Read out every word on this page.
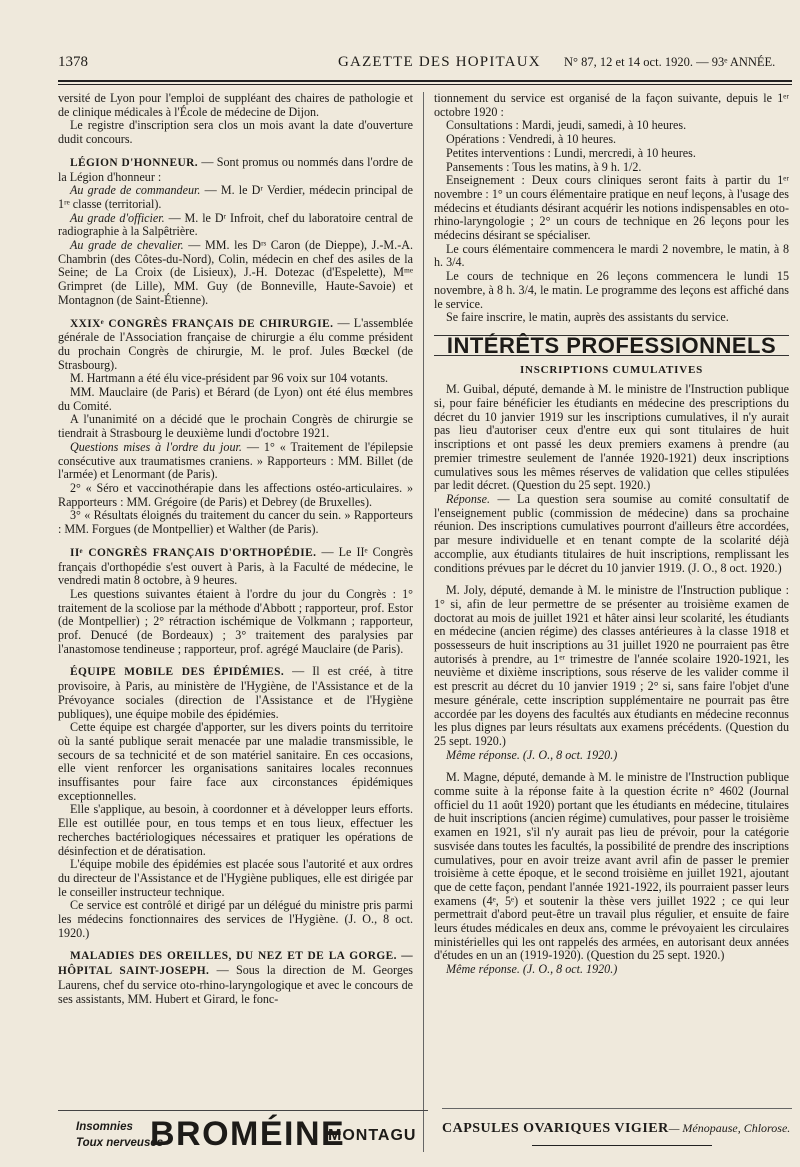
1378	GAZETTE DES HOPITAUX N° 87, 12 et 14 oct. 1920. — 93ᵉ ANNÉE.

versité de Lyon pour l'emploi de suppléant des chaires de pathologie et de clinique médicales à l'École de médecine de Dijon.

Le registre d'inscription sera clos un mois avant la date d'ouverture dudit concours.

LÉGION D'HONNEUR. — Sont promus ou nommés dans l'ordre de la Légion d'honneur :

Au grade de commandeur. — M. le Dʳ Verdier, médecin principal de 1ʳᵉ classe (territorial).

Au grade d'officier. — M. le Dʳ Infroit, chef du laboratoire central de radiographie à la Salpêtrière.

Au grade de chevalier. — MM. les Dʳˢ Caron (de Dieppe), J.-M.-A. Chambrin (des Côtes-du-Nord), Colin, médecin en chef des asiles de la Seine; de La Croix (de Lisieux), J.-H. Dotezac (d'Espelette), Mᵐᵉ Grimpret (de Lille), MM. Guy (de Bonneville, Haute-Savoie) et Montagnon (de Saint-Étienne).

XXIXᵉ CONGRÈS FRANÇAIS DE CHIRURGIE. — L'assemblée générale de l'Association française de chirurgie a élu comme président du prochain Congrès de chirurgie, M. le prof. Jules Bœckel (de Strasbourg).

M. Hartmann a été élu vice-président par 96 voix sur 104 votants.

MM. Mauclaire (de Paris) et Bérard (de Lyon) ont été élus membres du Comité.

A l'unanimité on a décidé que le prochain Congrès de chirurgie se tiendrait à Strasbourg le deuxième lundi d'octobre 1921.

Questions mises à l'ordre du jour. — 1° « Traitement de l'épilepsie consécutive aux traumatismes craniens. » Rapporteurs : MM. Billet (de l'armée) et Lenormant (de Paris).

2° « Séro et vaccinothérapie dans les affections ostéo-articulaires. » Rapporteurs : MM. Grégoire (de Paris) et Debrey (de Bruxelles).

3° « Résultats éloignés du traitement du cancer du sein. » Rapporteurs : MM. Forgues (de Montpellier) et Walther (de Paris).

IIᵉ CONGRÈS FRANÇAIS D'ORTHOPÉDIE. — Le IIᵉ Congrès français d'orthopédie s'est ouvert à Paris, à la Faculté de médecine, le vendredi matin 8 octobre, à 9 heures.

Les questions suivantes étaient à l'ordre du jour du Congrès : 1° traitement de la scoliose par la méthode d'Abbott ; rapporteur, prof. Estor (de Montpellier) ; 2° rétraction ischémique de Volkmann ; rapporteur, prof. Denucé (de Bordeaux) ; 3° traitement des paralysies par l'anastomose tendineuse ; rapporteur, prof. agrégé Mauclaire (de Paris).

ÉQUIPE MOBILE DES ÉPIDÉMIES. — Il est créé, à titre provisoire, à Paris, au ministère de l'Hygiène, de l'Assistance et de la Prévoyance sociales (direction de l'Assistance et de l'Hygiène publiques), une équipe mobile des épidémies.

Cette équipe est chargée d'apporter, sur les divers points du territoire où la santé publique serait menacée par une maladie transmissible, le secours de sa technicité et de son matériel sanitaire. En ces occasions, elle vient renforcer les organisations sanitaires locales reconnues insuffisantes pour faire face aux circonstances épidémiques exceptionnelles.

Elle s'applique, au besoin, à coordonner et à développer leurs efforts. Elle est outillée pour, en tous temps et en tous lieux, effectuer les recherches bactériologiques nécessaires et pratiquer les opérations de désinfection et de dératisation.

L'équipe mobile des épidémies est placée sous l'autorité et aux ordres du directeur de l'Assistance et de l'Hygiène publiques, elle est dirigée par le conseiller instructeur technique.

Ce service est contrôlé et dirigé par un délégué du ministre pris parmi les médecins fonctionnaires des services de l'Hygiène. (J. O., 8 oct. 1920.)

MALADIES DES OREILLES, DU NEZ ET DE LA GORGE. — HÔPITAL SAINT-JOSEPH. — Sous la direction de M. Georges Laurens, chef du service oto-rhino-laryngologique et avec le concours de ses assistants, MM. Hubert et Girard, le fonc-

tionnement du service est organisé de la façon suivante, depuis le 1ᵉʳ octobre 1920 :

Consultations : Mardi, jeudi, samedi, à 10 heures.

Opérations : Vendredi, à 10 heures.

Petites interventions : Lundi, mercredi, à 10 heures.

Pansements : Tous les matins, à 9 h. 1/2.

Enseignement : Deux cours cliniques seront faits à partir du 1ᵉʳ novembre : 1° un cours élémentaire pratique en neuf leçons, à l'usage des médecins et étudiants désirant acquérir les notions indispensables en oto-rhino-laryngologie ; 2° un cours de technique en 26 leçons pour les médecins désirant se spécialiser.

Le cours élémentaire commencera le mardi 2 novembre, le matin, à 8 h. 3/4.

Le cours de technique en 26 leçons commencera le lundi 15 novembre, à 8 h. 3/4, le matin. Le programme des leçons est affiché dans le service.

Se faire inscrire, le matin, auprès des assistants du service.

INTÉRÊTS PROFESSIONNELS
INSCRIPTIONS CUMULATIVES

M. Guibal, député, demande à M. le ministre de l'Instruction publique si, pour faire bénéficier les étudiants en médecine des prescriptions du décret du 10 janvier 1919 sur les inscriptions cumulatives, il n'y aurait pas lieu d'autoriser ceux d'entre eux qui sont titulaires de huit inscriptions et ont passé les deux premiers examens à prendre (au premier trimestre seulement de l'année 1920-1921) deux inscriptions cumulatives sous les mêmes réserves de validation que celles stipulées par ledit décret. (Question du 25 sept. 1920.)

Réponse. — La question sera soumise au comité consultatif de l'enseignement public (commission de médecine) dans sa prochaine réunion. Des inscriptions cumulatives pourront d'ailleurs être accordées, par mesure individuelle et en tenant compte de la scolarité déjà accomplie, aux étudiants titulaires de huit inscriptions, remplissant les conditions prévues par le décret du 10 janvier 1919. (J. O., 8 oct. 1920.)

M. Joly, député, demande à M. le ministre de l'Instruction publique : 1° si, afin de leur permettre de se présenter au troisième examen de doctorat au mois de juillet 1921 et hâter ainsi leur scolarité, les étudiants en médecine (ancien régime) des classes antérieures à la classe 1918 et possesseurs de huit inscriptions au 31 juillet 1920 ne pourraient pas être autorisés à prendre, au 1ᵉʳ trimestre de l'année scolaire 1920-1921, les neuvième et dixième inscriptions, sous réserve de les valider comme il est prescrit au décret du 10 janvier 1919 ; 2° si, sans faire l'objet d'une mesure générale, cette inscription supplémentaire ne pourrait pas être accordée par les doyens des facultés aux étudiants en médecine reconnus les plus dignes par leurs résultats aux examens précédents. (Question du 25 sept. 1920.)

Même réponse. (J. O., 8 oct. 1920.)

M. Magne, député, demande à M. le ministre de l'Instruction publique comme suite à la réponse faite à la question écrite n° 4602 (Journal officiel du 11 août 1920) portant que les étudiants en médecine, titulaires de huit inscriptions (ancien régime) cumulatives, pour passer le troisième examen en 1921, s'il n'y aurait pas lieu de prévoir, pour la catégorie susvisée dans toutes les facultés, la possibilité de prendre des inscriptions cumulatives, pour en avoir treize avant avril afin de passer le premier troisième à cette époque, et le second troisième en juillet 1921, ajoutant que de cette façon, pendant l'année 1921-1922, ils pourraient passer leurs examens (4ᵉ, 5ᵉ) et soutenir la thèse vers juillet 1922 ; ce qui leur permettrait d'abord peut-être un travail plus régulier, et ensuite de faire leurs études médicales en deux ans, comme le prévoyaient les circulaires ministérielles qui les ont rappelés des armées, en autorisant deux années d'études en un an (1919-1920). (Question du 25 sept. 1920.)

Même réponse. (J. O., 8 oct. 1920.)

Insomnies
Toux nerveuses
BROMÉINE
MONTAGU CAPSULES OVARIQUES VIGIER— Ménopause, Chlorose.
